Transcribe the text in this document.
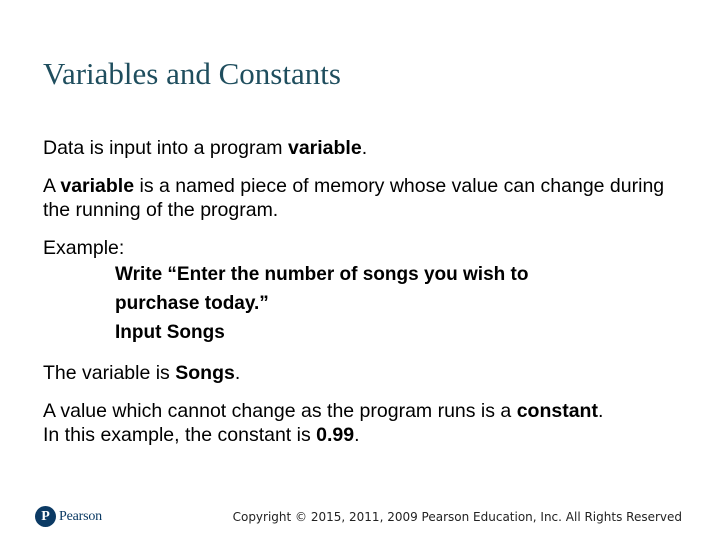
Variables and Constants

Data is input into a program variable.

A variable is a named piece of memory whose value can change during the running of the program.

Example:

Write “Enter the number of songs you wish to
purchase today.”
Input Songs

The variable is Songs.

A value which cannot change as the program runs is a constant.
In this example, the constant is 0.99.

P Pearson	Copyright © 2015, 2011, 2009 Pearson Education, Inc. All Rights Reserved
